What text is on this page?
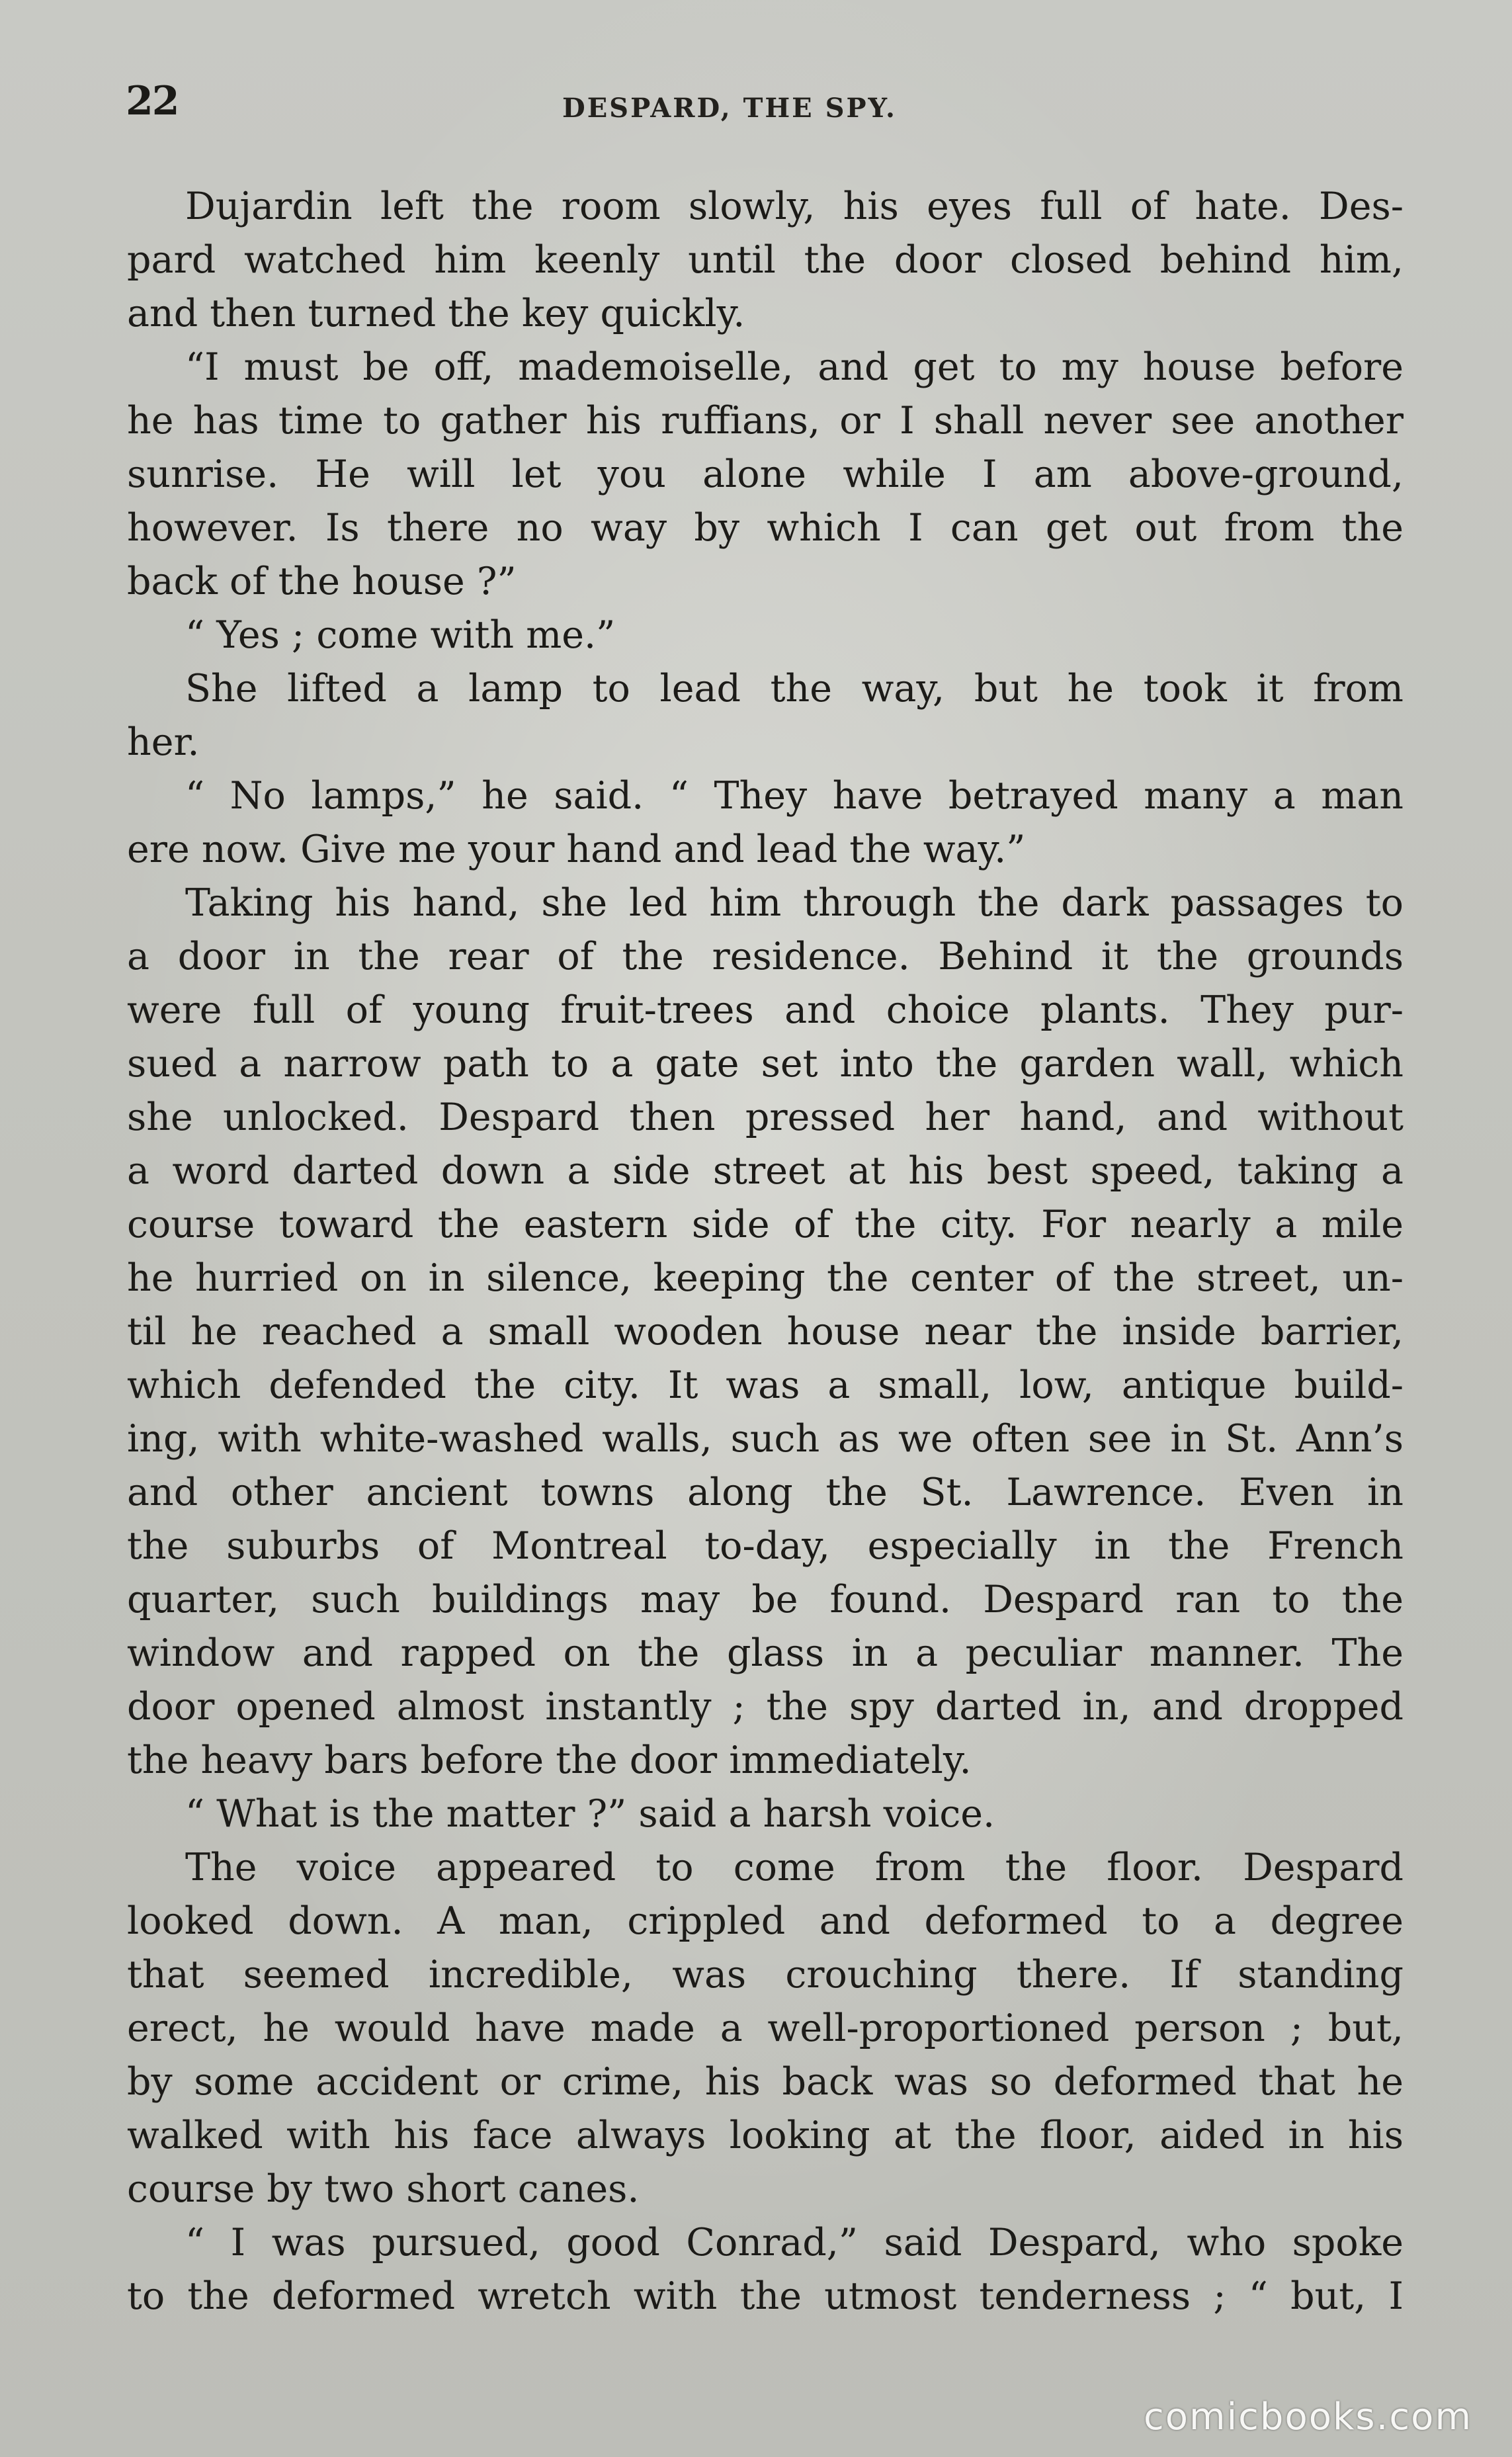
22	DESPARD, THE SPY.
Dujardin left the room slowly, his eyes full of hate. Des-
pard watched him keenly until the door closed behind him,
and then turned the key quickly.
“I must be off, mademoiselle, and get to my house before
he has time to gather his ruffians, or I shall never see another
sunrise. He will let you alone while I am above-ground,
however. Is there no way by which I can get out from the
back of the house ?”
“ Yes ; come with me.”
She lifted a lamp to lead the way, but he took it from
her.
“ No lamps,” he said. “ They have betrayed many a man
ere now. Give me your hand and lead the way.”
Taking his hand, she led him through the dark passages to
a door in the rear of the residence. Behind it the grounds
were full of young fruit-trees and choice plants. They pur-
sued a narrow path to a gate set into the garden wall, which
she unlocked. Despard then pressed her hand, and without
a word darted down a side street at his best speed, taking a
course toward the eastern side of the city. For nearly a mile
he hurried on in silence, keeping the center of the street, un-
til he reached a small wooden house near the inside barrier,
which defended the city. It was a small, low, antique build-
ing, with white-washed walls, such as we often see in St. Ann’s
and other ancient towns along the St. Lawrence. Even in
the suburbs of Montreal to-day, especially in the French
quarter, such buildings may be found. Despard ran to the
window and rapped on the glass in a peculiar manner. The
door opened almost instantly ; the spy darted in, and dropped
the heavy bars before the door immediately.
“ What is the matter ?” said a harsh voice.
The voice appeared to come from the floor. Despard
looked down. A man, crippled and deformed to a degree
that seemed incredible, was crouching there. If standing
erect, he would have made a well-proportioned person ; but,
by some accident or crime, his back was so deformed that he
walked with his face always looking at the floor, aided in his
course by two short canes.
“ I was pursued, good Conrad,” said Despard, who spoke
to the deformed wretch with the utmost tenderness ; “ but, I
comicbooks.com
